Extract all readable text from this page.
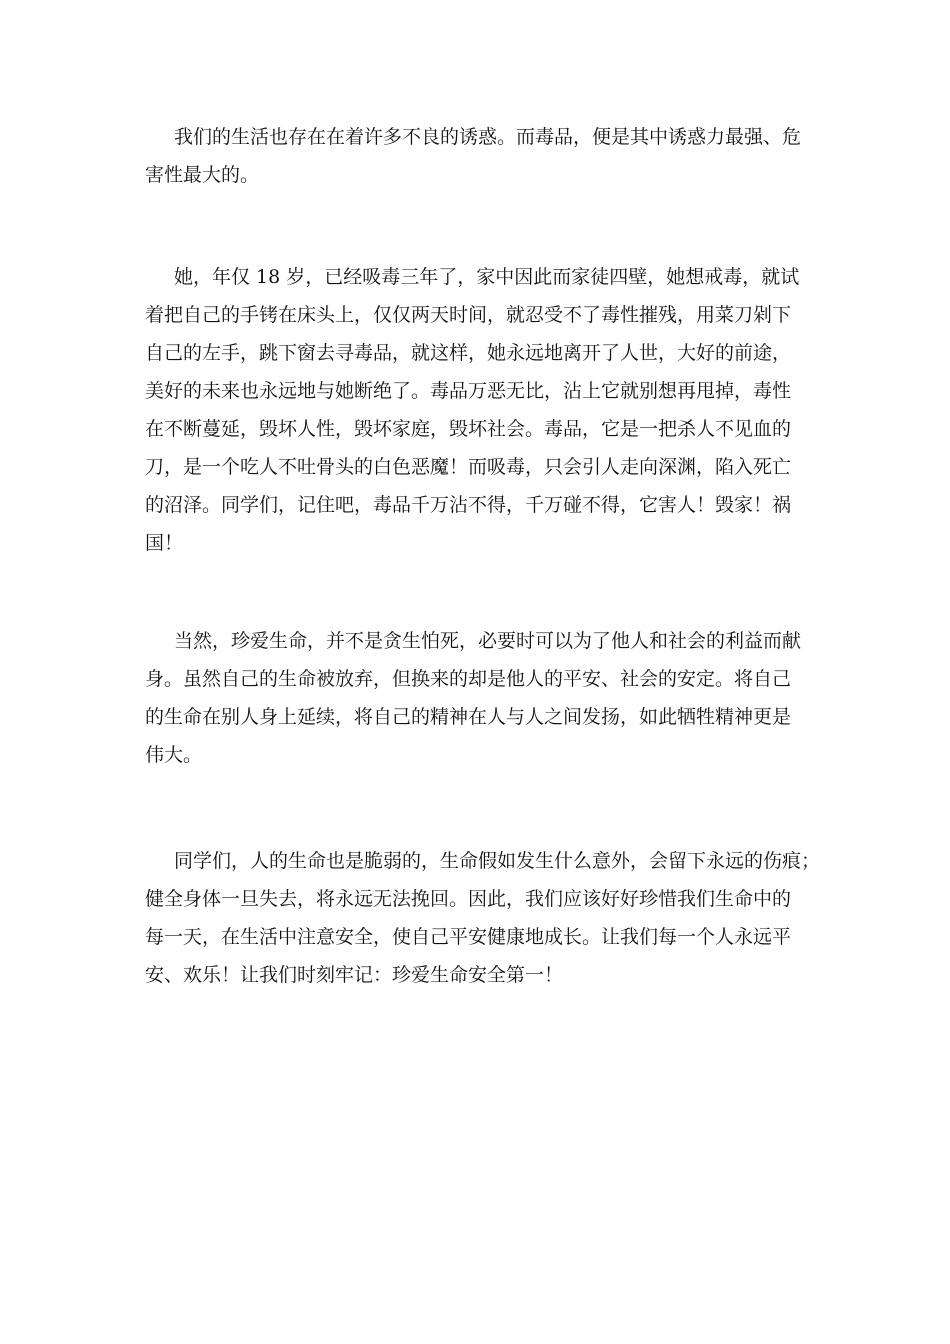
我们的生活也存在在着许多不良的诱惑。而毒品，便是其中诱惑力最强、危
害性最大的。
她，年仅 18 岁，已经吸毒三年了，家中因此而家徒四壁，她想戒毒，就试
着把自己的手铐在床头上，仅仅两天时间，就忍受不了毒性摧残，用菜刀剁下
自己的左手，跳下窗去寻毒品，就这样，她永远地离开了人世，大好的前途，
美好的未来也永远地与她断绝了。毒品万恶无比，沾上它就别想再甩掉，毒性
在不断蔓延，毁坏人性，毁坏家庭，毁坏社会。毒品，它是一把杀人不见血的
刀，是一个吃人不吐骨头的白色恶魔！而吸毒，只会引人走向深渊，陷入死亡
的沼泽。同学们，记住吧，毒品千万沾不得，千万碰不得，它害人！毁家！祸
国！
当然，珍爱生命，并不是贪生怕死，必要时可以为了他人和社会的利益而献
身。虽然自己的生命被放弃，但换来的却是他人的平安、社会的安定。将自己
的生命在别人身上延续，将自己的精神在人与人之间发扬，如此牺牲精神更是
伟大。
同学们，人的生命也是脆弱的，生命假如发生什么意外，会留下永远的伤痕；
健全身体一旦失去，将永远无法挽回。因此，我们应该好好珍惜我们生命中的
每一天，在生活中注意安全，使自己平安健康地成长。让我们每一个人永远平
安、欢乐！让我们时刻牢记：珍爱生命安全第一！
